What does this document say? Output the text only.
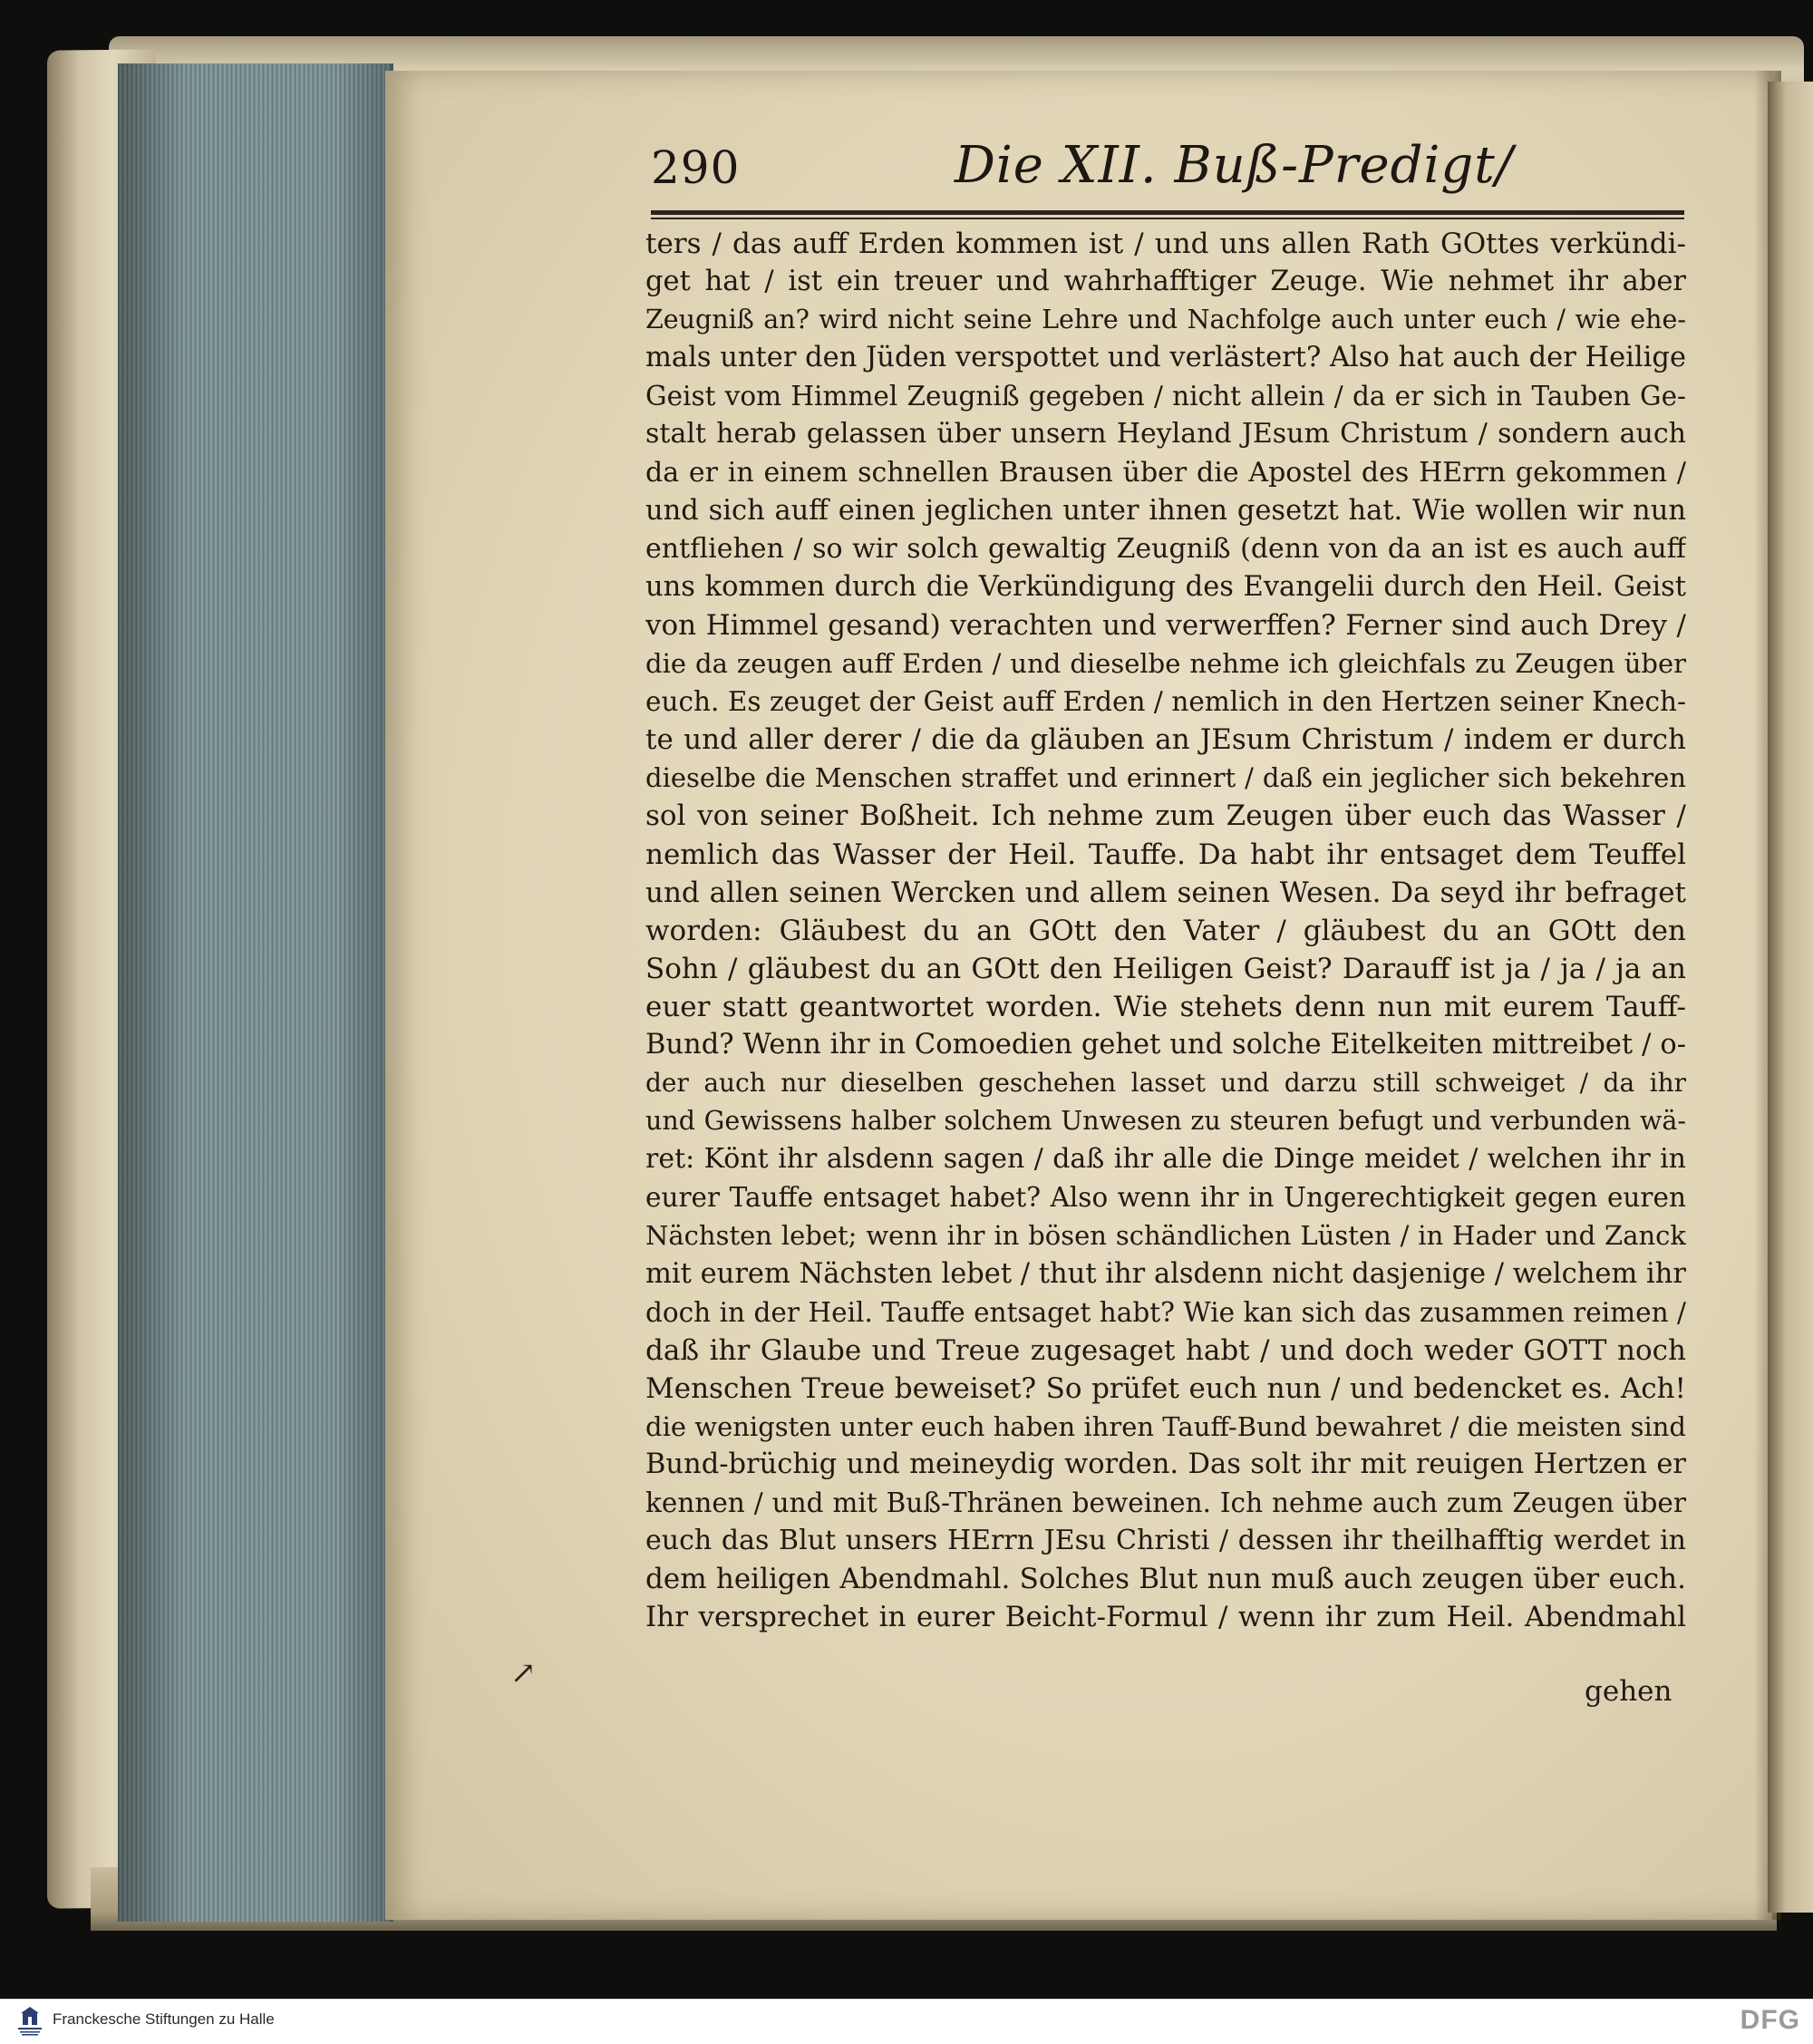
290	Die XII. Buß-Predigt/
ters / das auff Erden kommen ist / und uns allen Rath GOttes verkündi-
get hat / ist ein treuer und wahrhafftiger Zeuge. Wie nehmet ihr aber
Zeugniß an? wird nicht seine Lehre und Nachfolge auch unter euch / wie ehe-
mals unter den Jüden verspottet und verlästert? Also hat auch der Heilige
Geist vom Himmel Zeugniß gegeben / nicht allein / da er sich in Tauben Ge-
stalt herab gelassen über unsern Heyland JEsum Christum / sondern auch
da er in einem schnellen Brausen über die Apostel des HErrn gekommen /
und sich auff einen jeglichen unter ihnen gesetzt hat. Wie wollen wir nun
entfliehen / so wir solch gewaltig Zeugniß (denn von da an ist es auch auff
uns kommen durch die Verkündigung des Evangelii durch den Heil. Geist
von Himmel gesand) verachten und verwerffen? Ferner sind auch Drey /
die da zeugen auff Erden / und dieselbe nehme ich gleichfals zu Zeugen über
euch. Es zeuget der Geist auff Erden / nemlich in den Hertzen seiner Knech-
te und aller derer / die da gläuben an JEsum Christum / indem er durch
dieselbe die Menschen straffet und erinnert / daß ein jeglicher sich bekehren
sol von seiner Boßheit. Ich nehme zum Zeugen über euch das Wasser /
nemlich das Wasser der Heil. Tauffe. Da habt ihr entsaget dem Teuffel
und allen seinen Wercken und allem seinen Wesen. Da seyd ihr befraget
worden: Gläubest du an GOtt den Vater / gläubest du an GOtt den
Sohn / gläubest du an GOtt den Heiligen Geist? Darauff ist ja / ja / ja an
euer statt geantwortet worden. Wie stehets denn nun mit eurem Tauff-
Bund? Wenn ihr in Comoedien gehet und solche Eitelkeiten mittreibet / o-
der auch nur dieselben geschehen lasset und darzu still schweiget / da ihr
und Gewissens halber solchem Unwesen zu steuren befugt und verbunden wä-
ret: Könt ihr alsdenn sagen / daß ihr alle die Dinge meidet / welchen ihr in
eurer Tauffe entsaget habet? Also wenn ihr in Ungerechtigkeit gegen euren
Nächsten lebet; wenn ihr in bösen schändlichen Lüsten / in Hader und Zanck
mit eurem Nächsten lebet / thut ihr alsdenn nicht dasjenige / welchem ihr
doch in der Heil. Tauffe entsaget habt? Wie kan sich das zusammen reimen /
daß ihr Glaube und Treue zugesaget habt / und doch weder GOTT noch
Menschen Treue beweiset? So prüfet euch nun / und bedencket es. Ach!
die wenigsten unter euch haben ihren Tauff-Bund bewahret / die meisten sind
Bund-brüchig und meineydig worden. Das solt ihr mit reuigen Hertzen er
kennen / und mit Buß-Thränen beweinen. Ich nehme auch zum Zeugen über
euch das Blut unsers HErrn JEsu Christi / dessen ihr theilhafftig werdet in
dem heiligen Abendmahl. Solches Blut nun muß auch zeugen über euch.
Ihr versprechet in eurer Beicht-Formul / wenn ihr zum Heil. Abendmahl
↗	gehen
Franckesche Stiftungen zu Halle	DFG
